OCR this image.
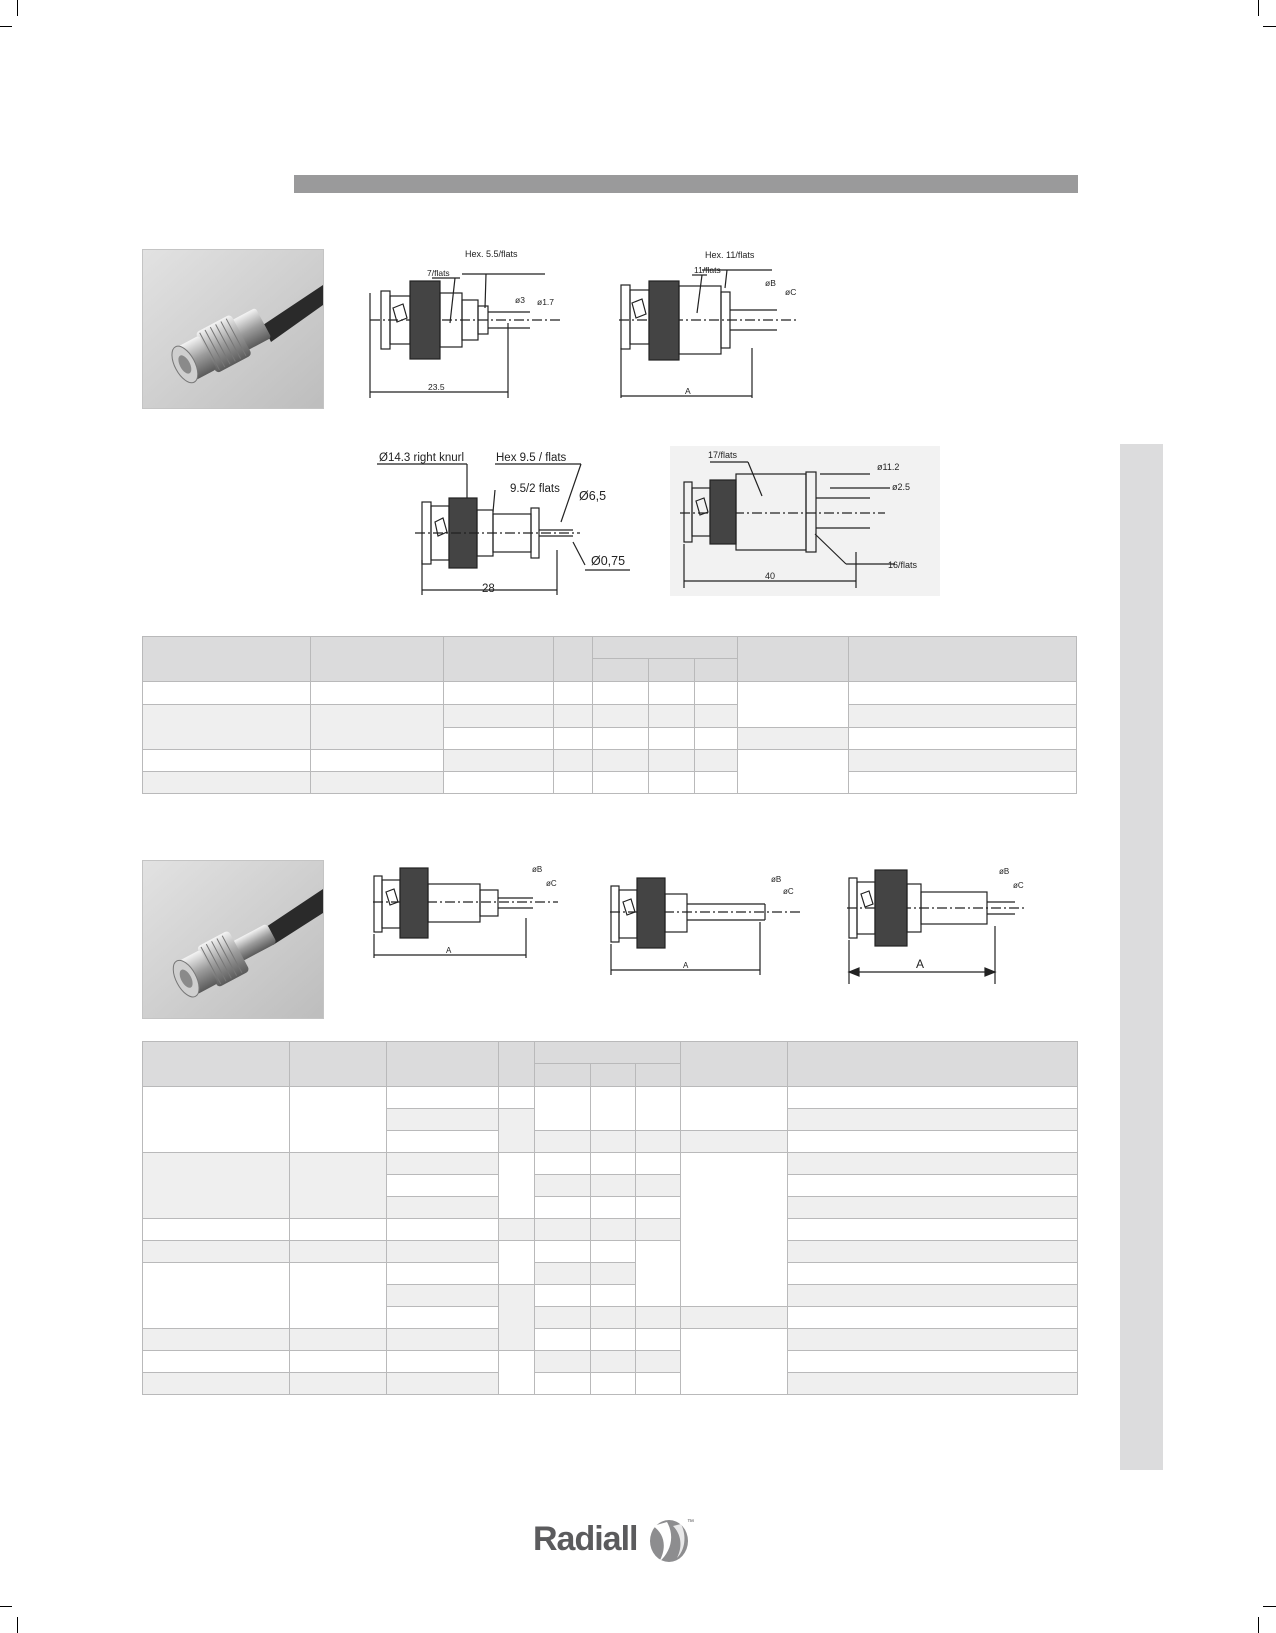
Hex. 5.5/flats
7/flats
ø3 ø1.7
23.5
Hex. 11/flats
11/flats
øB
øC
A
Ø14.3 right knurl	Hex 9.5 / flats
9.5/2 flats Ø6,5
Ø0,75
28
17/flats
ø11.2
ø2.5
16/flats
40

øB
øC
A
øB
øC
A
øB
øC
A

Radiall	™
